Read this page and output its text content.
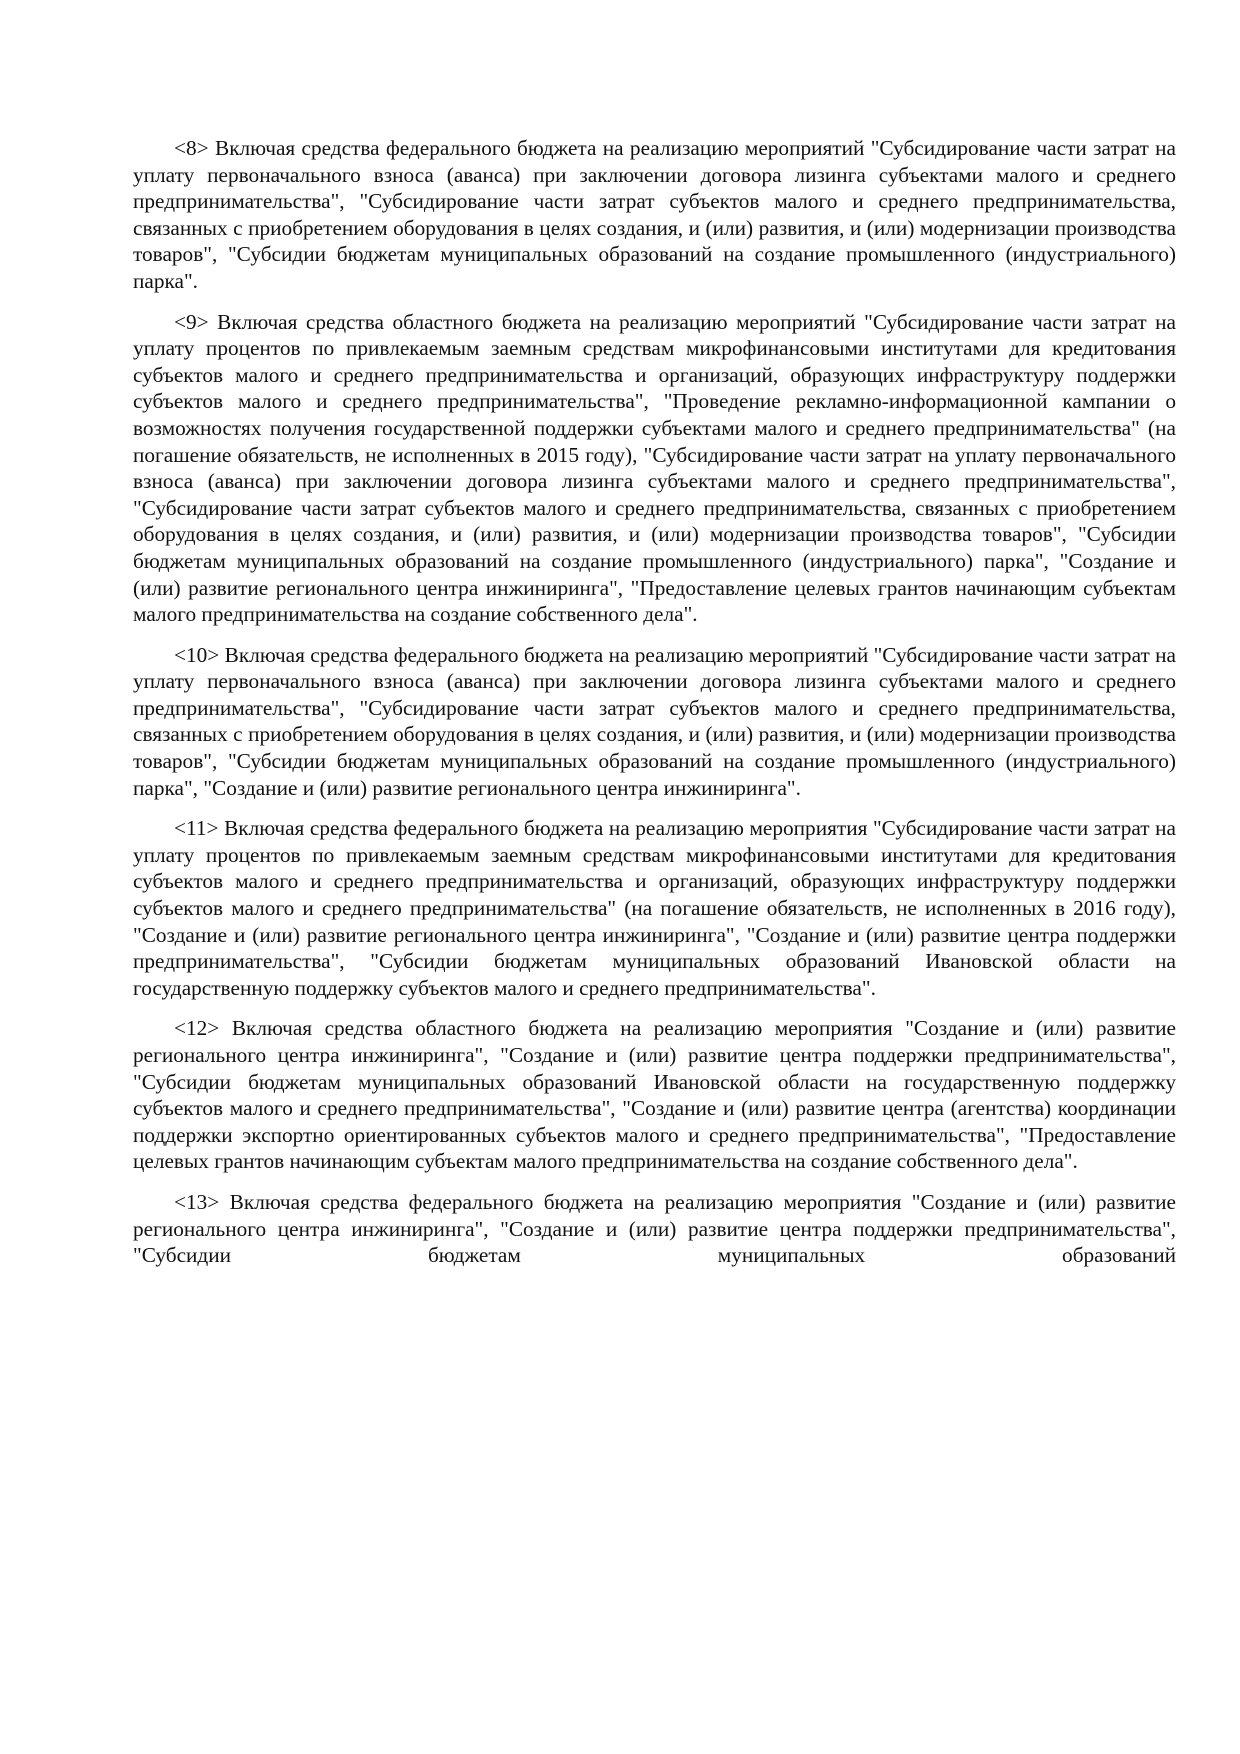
<8> Включая средства федерального бюджета на реализацию мероприятий "Субсидирование части затрат на уплату первоначального взноса (аванса) при заключении договора лизинга субъектами малого и среднего предпринимательства", "Субсидирование части затрат субъектов малого и среднего предпринимательства, связанных с приобретением оборудования в целях создания, и (или) развития, и (или) модернизации производства товаров", "Субсидии бюджетам муниципальных образований на создание промышленного (индустриального) парка".

<9> Включая средства областного бюджета на реализацию мероприятий "Субсидирование части затрат на уплату процентов по привлекаемым заемным средствам микрофинансовыми институтами для кредитования субъектов малого и среднего предпринимательства и организаций, образующих инфраструктуру поддержки субъектов малого и среднего предпринимательства", "Проведение рекламно-информационной кампании о возможностях получения государственной поддержки субъектами малого и среднего предпринимательства" (на погашение обязательств, не исполненных в 2015 году), "Субсидирование части затрат на уплату первоначального взноса (аванса) при заключении договора лизинга субъектами малого и среднего предпринимательства", "Субсидирование части затрат субъектов малого и среднего предпринимательства, связанных с приобретением оборудования в целях создания, и (или) развития, и (или) модернизации производства товаров", "Субсидии бюджетам муниципальных образований на создание промышленного (индустриального) парка", "Создание и (или) развитие регионального центра инжиниринга", "Предоставление целевых грантов начинающим субъектам малого предпринимательства на создание собственного дела".

<10> Включая средства федерального бюджета на реализацию мероприятий "Субсидирование части затрат на уплату первоначального взноса (аванса) при заключении договора лизинга субъектами малого и среднего предпринимательства", "Субсидирование части затрат субъектов малого и среднего предпринимательства, связанных с приобретением оборудования в целях создания, и (или) развития, и (или) модернизации производства товаров", "Субсидии бюджетам муниципальных образований на создание промышленного (индустриального) парка", "Создание и (или) развитие регионального центра инжиниринга".

<11> Включая средства федерального бюджета на реализацию мероприятия "Субсидирование части затрат на уплату процентов по привлекаемым заемным средствам микрофинансовыми институтами для кредитования субъектов малого и среднего предпринимательства и организаций, образующих инфраструктуру поддержки субъектов малого и среднего предпринимательства" (на погашение обязательств, не исполненных в 2016 году), "Создание и (или) развитие регионального центра инжиниринга", "Создание и (или) развитие центра поддержки предпринимательства", "Субсидии бюджетам муниципальных образований Ивановской области на государственную поддержку субъектов малого и среднего предпринимательства".

<12> Включая средства областного бюджета на реализацию мероприятия "Создание и (или) развитие регионального центра инжиниринга", "Создание и (или) развитие центра поддержки предпринимательства", "Субсидии бюджетам муниципальных образований Ивановской области на государственную поддержку субъектов малого и среднего предпринимательства", "Создание и (или) развитие центра (агентства) координации поддержки экспортно ориентированных субъектов малого и среднего предпринимательства", "Предоставление целевых грантов начинающим субъектам малого предпринимательства на создание собственного дела".

<13> Включая средства федерального бюджета на реализацию мероприятия "Создание и (или) развитие регионального центра инжиниринга", "Создание и (или) развитие центра поддержки предпринимательства", "Субсидии бюджетам муниципальных образований
